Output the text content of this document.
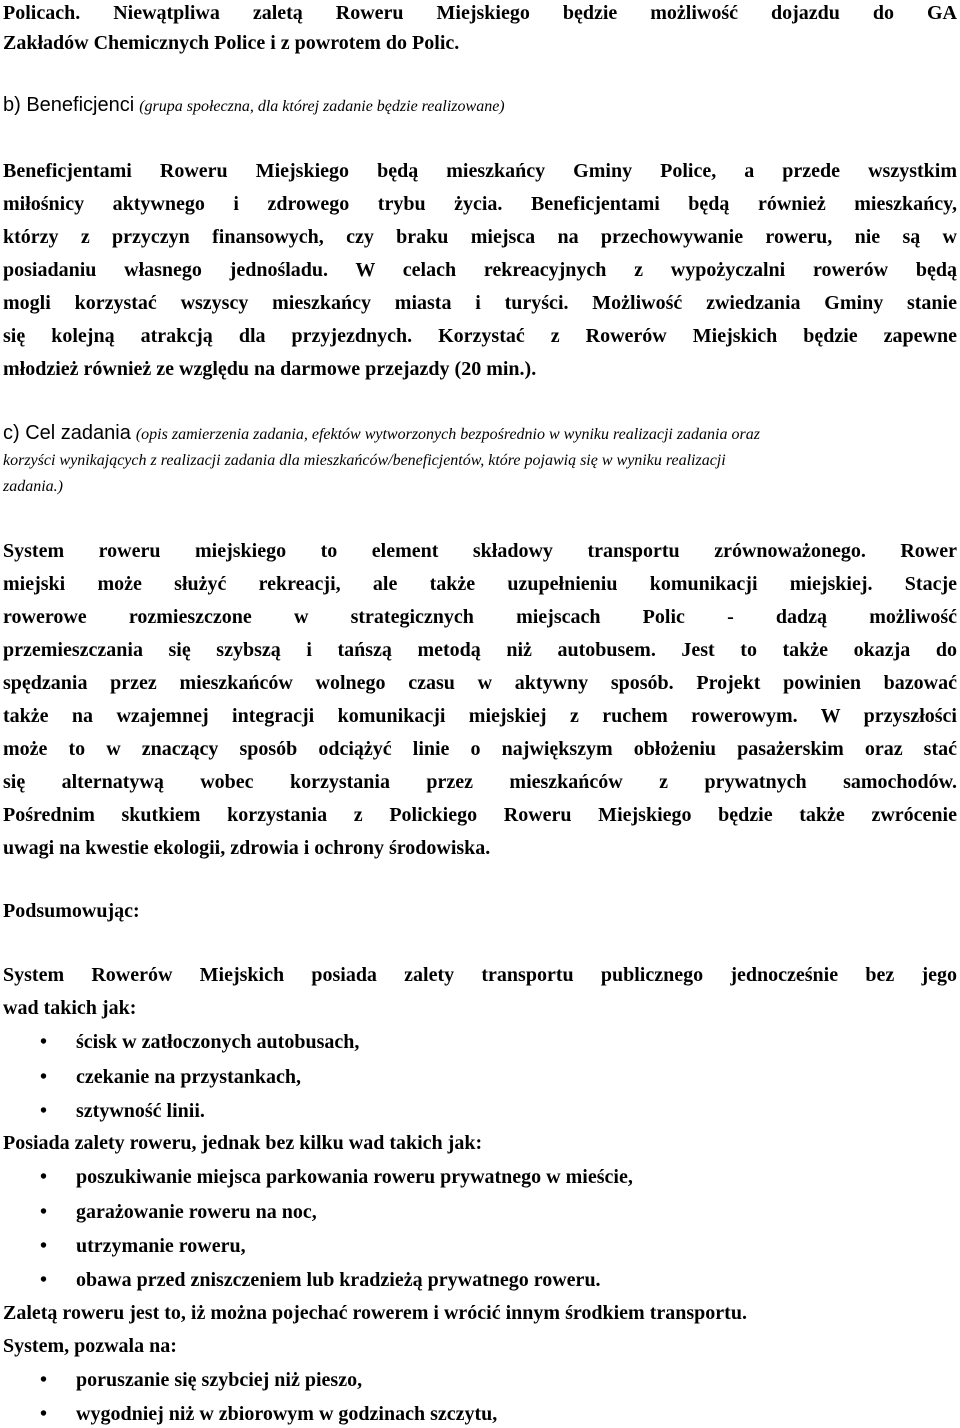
Policach. Niewątpliwa zaletą Roweru Miejskiego będzie możliwość dojazdu do GA
Zakładów Chemicznych Police i z powrotem do Polic.
b) Beneficjenci (grupa społeczna, dla której zadanie będzie realizowane)
Beneficjentami Roweru Miejskiego będą mieszkańcy Gminy Police, a przede wszystkim
miłośnicy aktywnego i zdrowego trybu życia. Beneficjentami będą również mieszkańcy,
którzy z przyczyn finansowych, czy braku miejsca na przechowywanie roweru, nie są w
posiadaniu własnego jednośladu. W celach rekreacyjnych z wypożyczalni rowerów będą
mogli korzystać wszyscy mieszkańcy miasta i turyści. Możliwość zwiedzania Gminy stanie
się kolejną atrakcją dla przyjezdnych. Korzystać z Rowerów Miejskich będzie zapewne
młodzież również ze względu na darmowe przejazdy (20 min.).
c) Cel zadania (opis zamierzenia zadania, efektów wytworzonych bezpośrednio w wyniku realizacji zadania oraz
korzyści wynikających z realizacji zadania dla mieszkańców/beneficjentów, które pojawią się w wyniku realizacji
zadania.)
System roweru miejskiego to element składowy transportu zrównoważonego. Rower
miejski może służyć rekreacji, ale także uzupełnieniu komunikacji miejskiej. Stacje
rowerowe rozmieszczone w strategicznych miejscach Polic - dadzą możliwość
przemieszczania się szybszą i tańszą metodą niż autobusem. Jest to także okazja do
spędzania przez mieszkańców wolnego czasu w aktywny sposób. Projekt powinien bazować
także na wzajemnej integracji komunikacji miejskiej z ruchem rowerowym. W przyszłości
może to w znaczący sposób odciążyć linie o największym obłożeniu pasażerskim oraz stać
się alternatywą wobec korzystania przez mieszkańców z prywatnych samochodów.
Pośrednim skutkiem korzystania z Polickiego Roweru Miejskiego będzie także zwrócenie
uwagi na kwestie ekologii, zdrowia i ochrony środowiska.
Podsumowując:
System Rowerów Miejskich posiada zalety transportu publicznego jednocześnie bez jego
wad takich jak:
• ścisk w zatłoczonych autobusach,
• czekanie na przystankach,
• sztywność linii.
Posiada zalety roweru, jednak bez kilku wad takich jak:
• poszukiwanie miejsca parkowania roweru prywatnego w mieście,
• garażowanie roweru na noc,
• utrzymanie roweru,
• obawa przed zniszczeniem lub kradzieżą prywatnego roweru.
Zaletą roweru jest to, iż można pojechać rowerem i wrócić innym środkiem transportu.
System, pozwala na:
• poruszanie się szybciej niż pieszo,
• wygodniej niż w zbiorowym w godzinach szczytu,
